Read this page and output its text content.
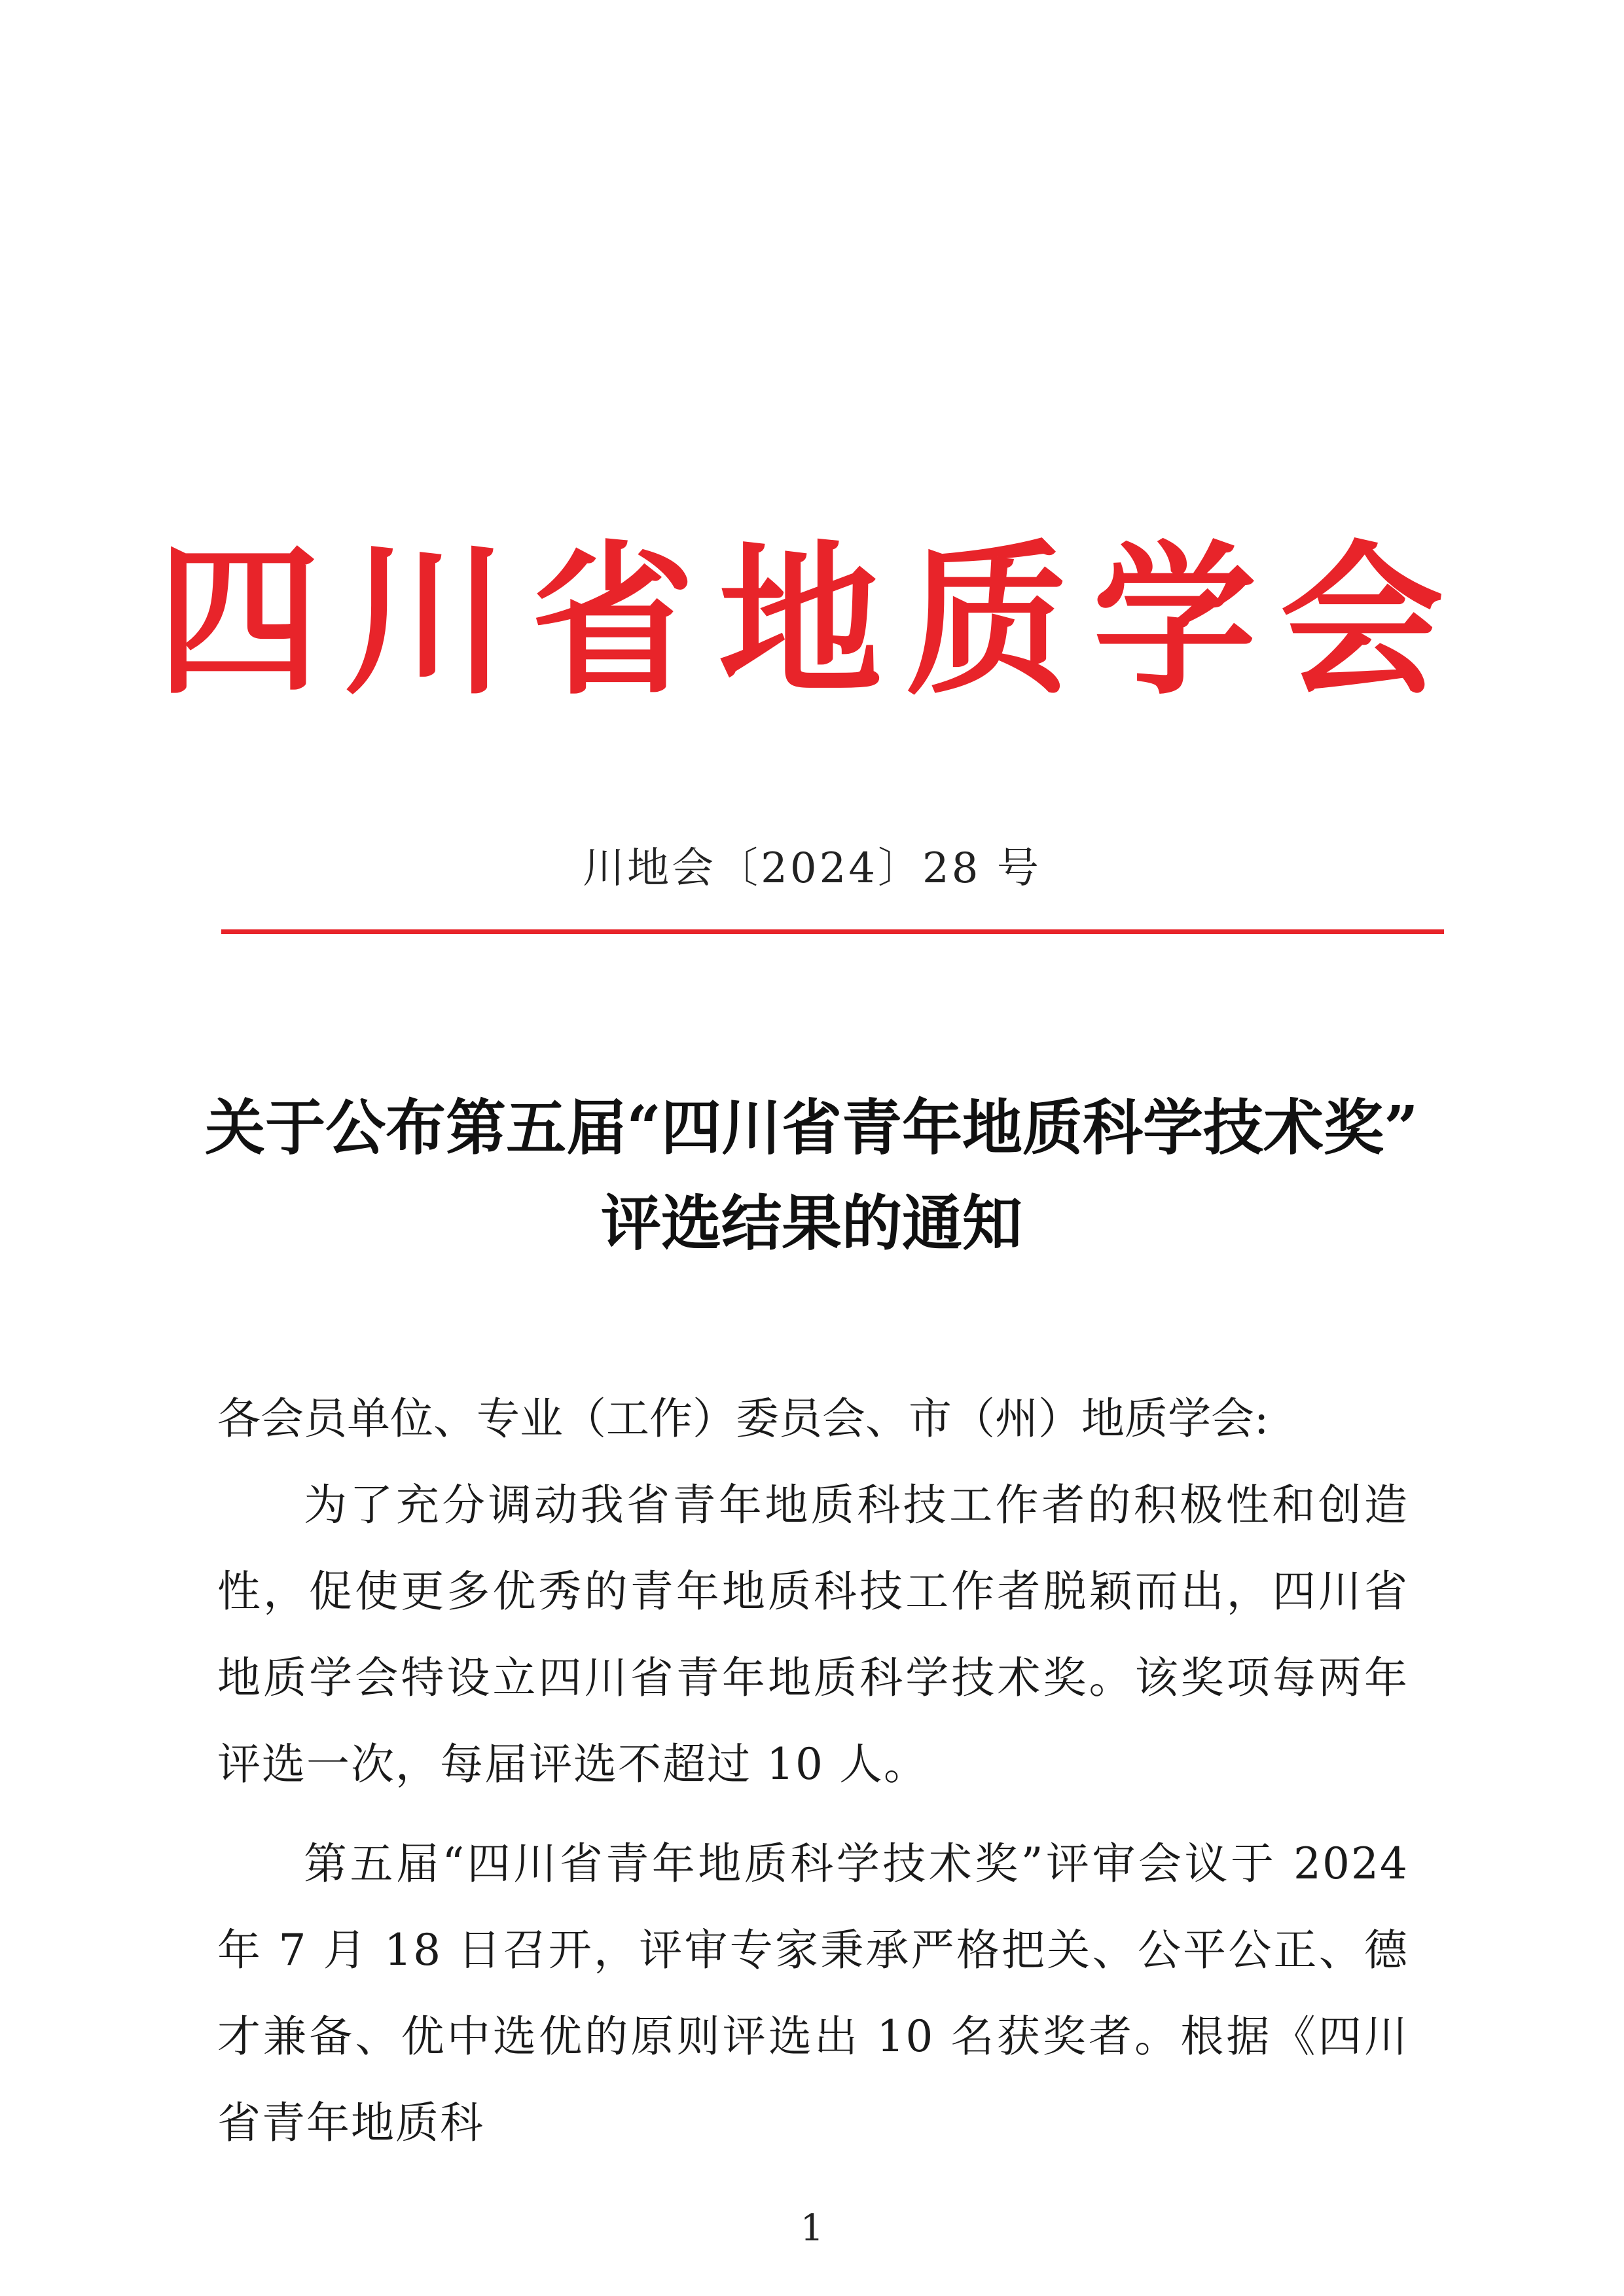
四川省地质学会
川地会〔2024〕28 号
关于公布第五届“四川省青年地质科学技术奖”
评选结果的通知
各会员单位、专业（工作）委员会、市（州）地质学会:
为了充分调动我省青年地质科技工作者的积极性和创造性，促使更多优秀的青年地质科技工作者脱颖而出，四川省地质学会特设立四川省青年地质科学技术奖。该奖项每两年评选一次，每届评选不超过 10 人。
第五届“四川省青年地质科学技术奖”评审会议于 2024 年 7 月 18 日召开，评审专家秉承严格把关、公平公正、德才兼备、优中选优的原则评选出 10 名获奖者。根据《四川省青年地质科
1
